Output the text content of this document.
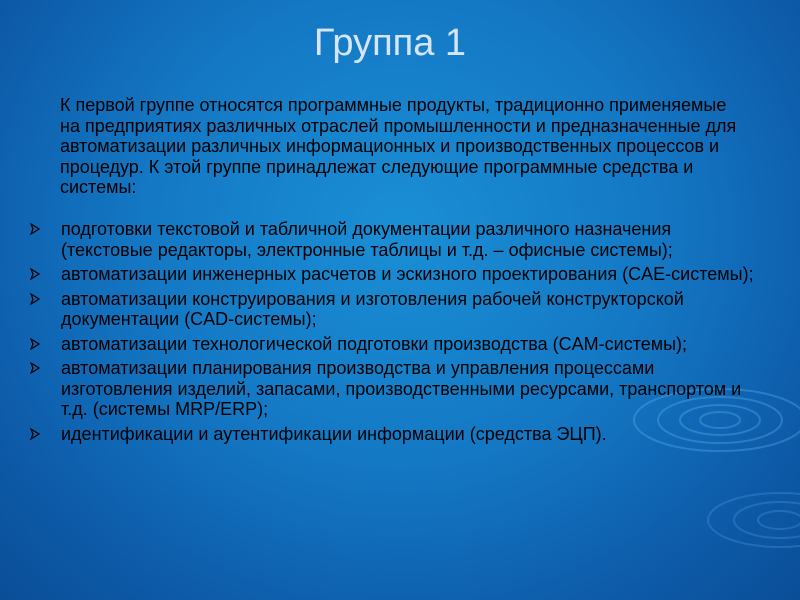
Группа 1

К первой группе относятся программные продукты, традиционно применяемые на предприятиях различных отраслей промышленности и предназначенные для автоматизации различных информационных и производственных процессов и процедур. К этой группе принадлежат следующие программные средства и системы:

подготовки текстовой и табличной документации различного назначения (текстовые редакторы, электронные таблицы и т.д. – офисные системы);
автоматизации инженерных расчетов и эскизного проектирования (CAE-системы);
автоматизации конструирования и изготовления рабочей конструкторской документации (CAD-системы);
автоматизации технологической подготовки производства (CAM-системы);
автоматизации планирования производства и управления процессами изготовления изделий, запасами, производственными ресурсами, транспортом и т.д. (системы MRP/ERP);
идентификации и аутентификации информации (средства ЭЦП).
